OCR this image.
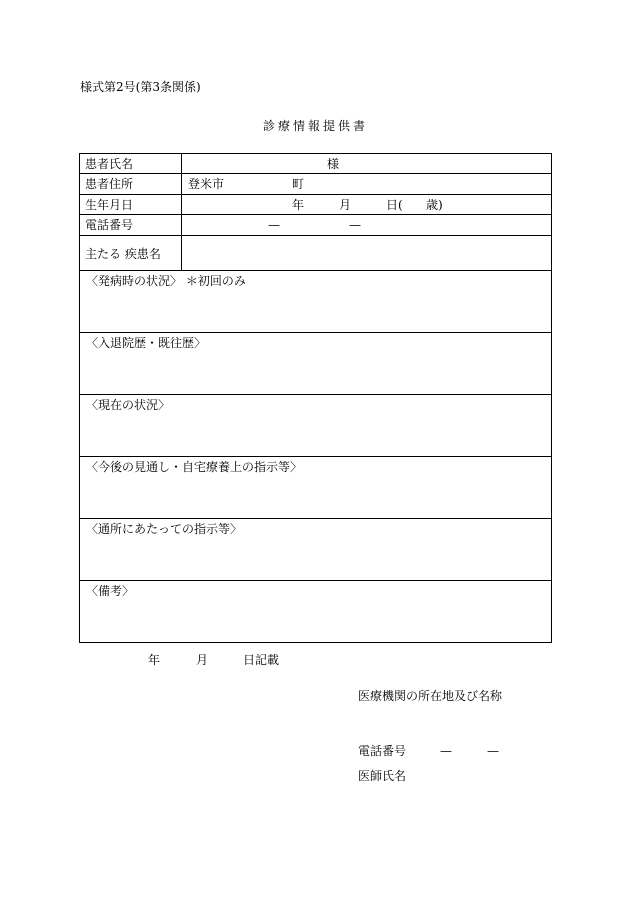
様式第2号(第3条関係)
診療情報提供書
患者氏名	様
患者住所	登米市	町
生年月日	年	月	日( 歳)
電話番号	—	—
主たる 疾患名
〈発病時の状況〉 ＊初回のみ
〈入退院歴・既往歴〉
〈現在の状況〉
〈今後の見通し・自宅療養上の指示等〉
〈通所にあたっての指示等〉
〈備考〉
年	月	日記載
医療機関の所在地及び名称
電話番号	—	—
医師氏名
